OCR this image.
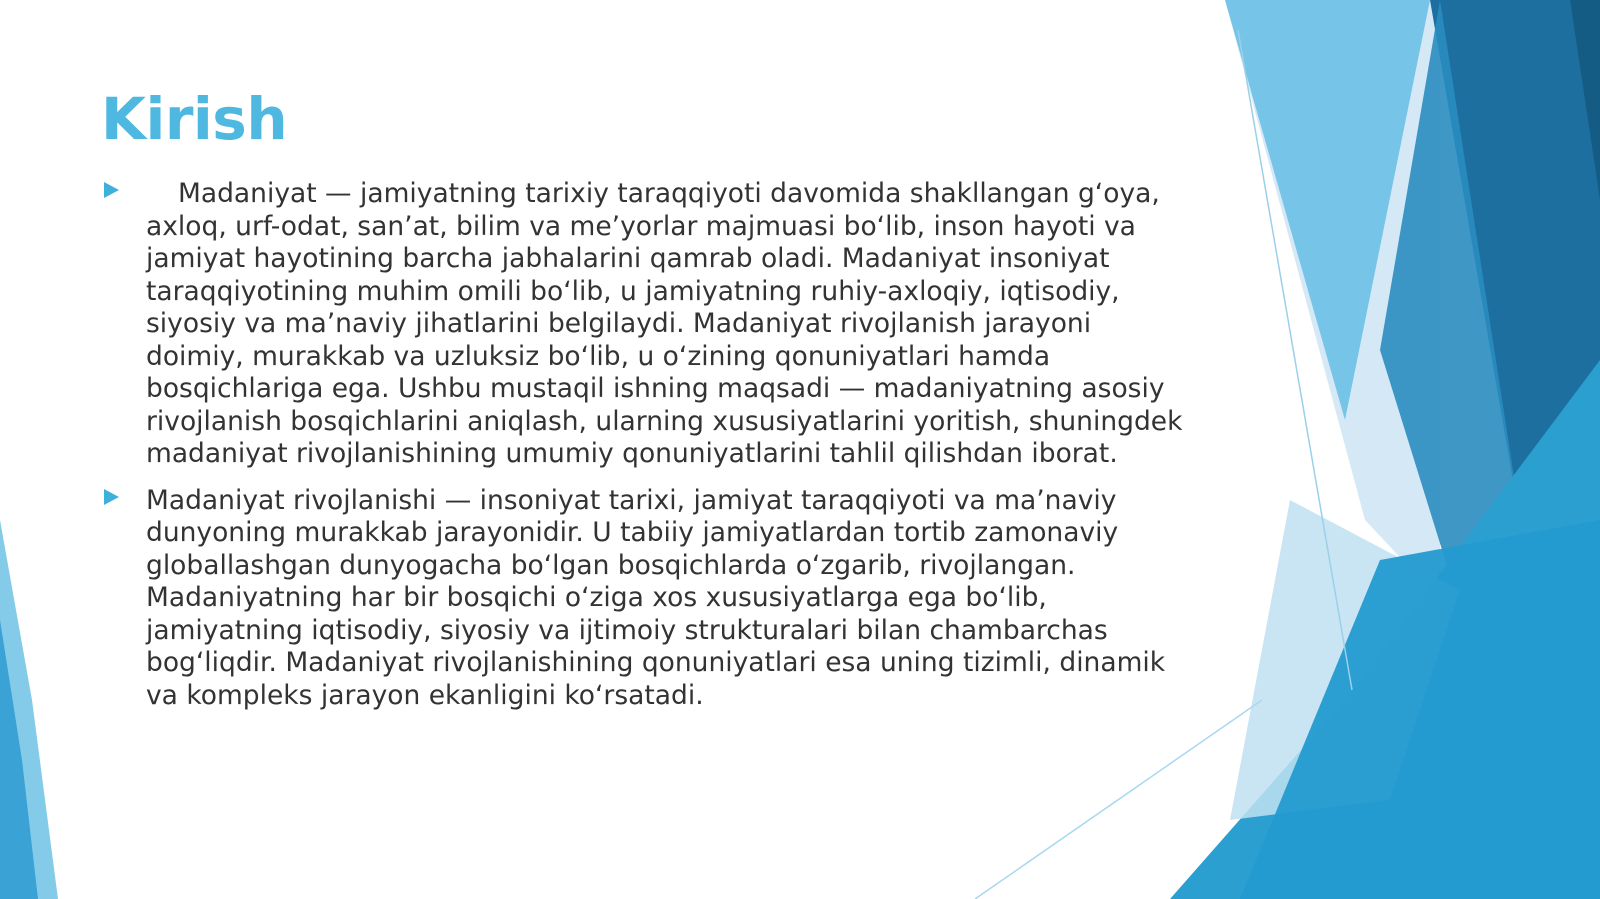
Kirish
Madaniyat — jamiyatning tarixiy taraqqiyoti davomida shakllangan gʻoya, axloq, urf-odat, san’at, bilim va me’yorlar majmuasi boʻlib, inson hayoti va jamiyat hayotining barcha jabhalarini qamrab oladi. Madaniyat insoniyat taraqqiyotining muhim omili boʻlib, u jamiyatning ruhiy-axloqiy, iqtisodiy, siyosiy va ma’naviy jihatlarini belgilaydi. Madaniyat rivojlanish jarayoni doimiy, murakkab va uzluksiz boʻlib, u oʻzining qonuniyatlari hamda bosqichlariga ega. Ushbu mustaqil ishning maqsadi — madaniyatning asosiy rivojlanish bosqichlarini aniqlash, ularning xususiyatlarini yoritish, shuningdek madaniyat rivojlanishining umumiy qonuniyatlarini tahlil qilishdan iborat.
Madaniyat rivojlanishi — insoniyat tarixi, jamiyat taraqqiyoti va ma’naviy dunyoning murakkab jarayonidir. U tabiiy jamiyatlardan tortib zamonaviy globallashgan dunyogacha boʻlgan bosqichlarda oʻzgarib, rivojlangan. Madaniyatning har bir bosqichi oʻziga xos xususiyatlarga ega boʻlib, jamiyatning iqtisodiy, siyosiy va ijtimoiy strukturalari bilan chambarchas bogʻliqdir. Madaniyat rivojlanishining qonuniyatlari esa uning tizimli, dinamik va kompleks jarayon ekanligini koʻrsatadi.
